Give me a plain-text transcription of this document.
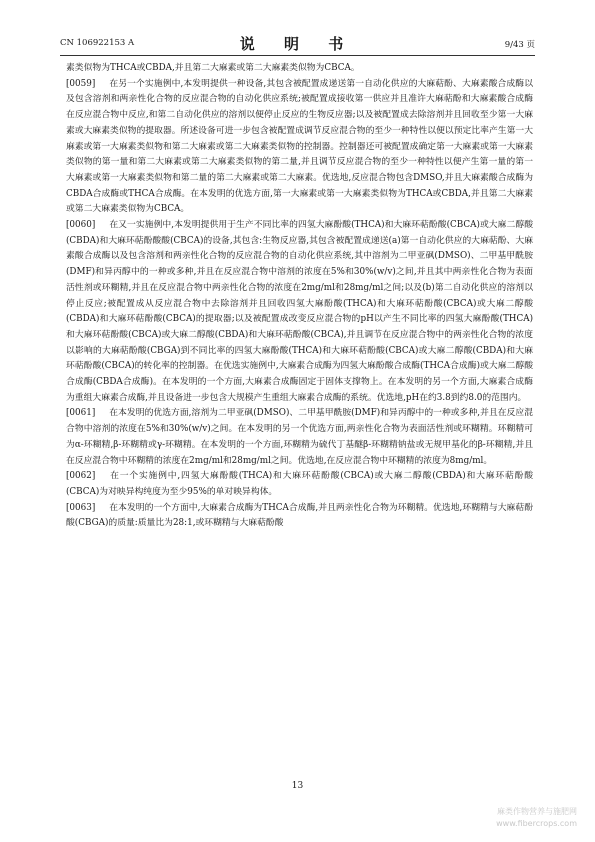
CN 106922153 A	说 明 书	9/43 页

素类似物为THCA或CBDA,并且第二大麻素或第二大麻素类似物为CBCA。

[0059] 在另一个实施例中,本发明提供一种设备,其包含被配置成递送第一自动化供应的大麻萜酚、大麻素酸合成酶以及包含溶剂和两亲性化合物的反应混合物的自动化供应系统;被配置成接收第一供应并且准许大麻萜酚和大麻素酸合成酶在反应混合物中反应,和第二自动化供应的溶剂以便停止反应的生物反应器;以及被配置成去除溶剂并且回收至少第一大麻素或大麻素类似物的提取器。所述设备可进一步包含被配置成调节反应混合物的至少一种特性以便以预定比率产生第一大麻素或第一大麻素类似物和第二大麻素或第二大麻素类似物的控制器。控制器还可被配置成确定第一大麻素或第一大麻素类似物的第一量和第二大麻素或第二大麻素类似物的第二量,并且调节反应混合物的至少一种特性以便产生第一量的第一大麻素或第一大麻素类似物和第二量的第二大麻素或第二大麻素。优选地,反应混合物包含DMSO,并且大麻素酸合成酶为CBDA合成酶或THCA合成酶。在本发明的优选方面,第一大麻素或第一大麻素类似物为THCA或CBDA,并且第二大麻素或第二大麻素类似物为CBCA。

[0060] 在又一实施例中,本发明提供用于生产不同比率的四氢大麻酚酸(THCA)和大麻环萜酚酸(CBCA)或大麻二醇酸(CBDA)和大麻环萜酚酸酸(CBCA)的设备,其包含:生物反应器,其包含被配置成递送(a)第一自动化供应的大麻萜酚、大麻素酸合成酶以及包含溶剂和两亲性化合物的反应混合物的自动化供应系统,其中溶剂为二甲亚砜(DMSO)、二甲基甲酰胺(DMF)和异丙醇中的一种或多种,并且在反应混合物中溶剂的浓度在5%和30%(w/v)之间,并且其中两亲性化合物为表面活性剂或环糊精,并且在反应混合物中两亲性化合物的浓度在2mg/ml和28mg/ml之间;以及(b)第二自动化供应的溶剂以停止反应;被配置成从反应混合物中去除溶剂并且回收四氢大麻酚酸(THCA)和大麻环萜酚酸(CBCA)或大麻二醇酸(CBDA)和大麻环萜酚酸(CBCA)的提取器;以及被配置成改变反应混合物的pH以产生不同比率的四氢大麻酚酸(THCA)和大麻环萜酚酸(CBCA)或大麻二醇酸(CBDA)和大麻环萜酚酸(CBCA),并且调节在反应混合物中的两亲性化合物的浓度以影响的大麻萜酚酸(CBGA)到不同比率的四氢大麻酚酸(THCA)和大麻环萜酚酸(CBCA)或大麻二醇酸(CBDA)和大麻环萜酚酸(CBCA)的转化率的控制器。在优选实施例中,大麻素合成酶为四氢大麻酚酸合成酶(THCA合成酶)或大麻二醇酸合成酶(CBDA合成酶)。在本发明的一个方面,大麻素合成酶固定于固体支撑物上。在本发明的另一个方面,大麻素合成酶为重组大麻素合成酶,并且设备进一步包含大规模产生重组大麻素合成酶的系统。优选地,pH在约3.8到约8.0的范围内。

[0061] 在本发明的优选方面,溶剂为二甲亚砜(DMSO)、二甲基甲酰胺(DMF)和异丙醇中的一种或多种,并且在反应混合物中溶剂的浓度在5%和30%(w/v)之间。在本发明的另一个优选方面,两亲性化合物为表面活性剂或环糊精。环糊精可为α-环糊精,β-环糊精或γ-环糊精。在本发明的一个方面,环糊精为硫代丁基醚β-环糊精钠盐或无规甲基化的β-环糊精,并且在反应混合物中环糊精的浓度在2mg/ml和28mg/ml之间。优选地,在反应混合物中环糊精的浓度为8mg/ml。

[0062] 在一个实施例中,四氢大麻酚酸(THCA)和大麻环萜酚酸(CBCA)或大麻二醇酸(CBDA)和大麻环萜酚酸(CBCA)为对映异构纯度为至少95%的单对映异构体。

[0063] 在本发明的一个方面中,大麻素合成酶为THCA合成酶,并且两亲性化合物为环糊精。优选地,环糊精与大麻萜酚酸(CBGA)的质量:质量比为28:1,或环糊精与大麻萜酚酸

13
麻类作物营养与施肥网
www.fibercrops.com
